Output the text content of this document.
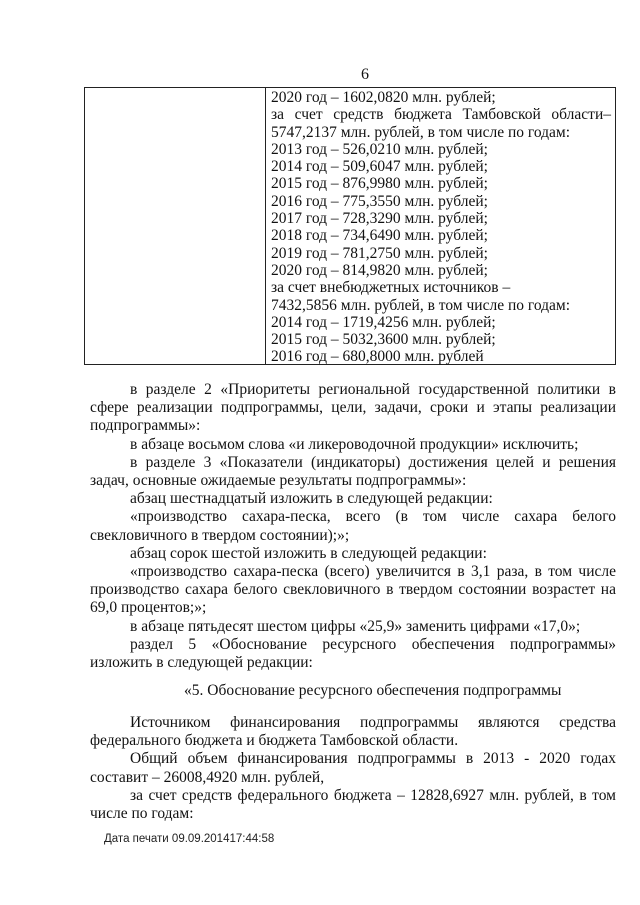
6
2020 год – 1602,0820 млн. рублей;
за счет средств бюджета Тамбовской области–
5747,2137 млн. рублей, в том числе по годам:
2013 год – 526,0210 млн. рублей;
2014 год – 509,6047 млн. рублей;
2015 год – 876,9980 млн. рублей;
2016 год – 775,3550 млн. рублей;
2017 год – 728,3290 млн. рублей;
2018 год – 734,6490 млн. рублей;
2019 год – 781,2750 млн. рублей;
2020 год – 814,9820 млн. рублей;
за счет внебюджетных источников –
7432,5856 млн. рублей, в том числе по годам:
2014 год – 1719,4256 млн. рублей;
2015 год – 5032,3600 млн. рублей;
2016 год – 680,8000 млн. рублей

в разделе 2 «Приоритеты региональной государственной политики в сфере реализации подпрограммы, цели, задачи, сроки и этапы реализации подпрограммы»:

в абзаце восьмом слова «и ликероводочной продукции» исключить;

в разделе 3 «Показатели (индикаторы) достижения целей и решения задач, основные ожидаемые результаты подпрограммы»:

абзац шестнадцатый изложить в следующей редакции:

«производство сахара-песка, всего (в том числе сахара белого свекловичного в твердом состоянии);»;

абзац сорок шестой изложить в следующей редакции:

«производство сахара-песка (всего) увеличится в 3,1 раза, в том числе производство сахара белого свекловичного в твердом состоянии возрастет на 69,0 процентов;»;

в абзаце пятьдесят шестом цифры «25,9» заменить цифрами «17,0»;

раздел 5 «Обоснование ресурсного обеспечения подпрограммы» изложить в следующей редакции:

«5. Обоснование ресурсного обеспечения подпрограммы

Источником финансирования подпрограммы являются средства федерального бюджета и бюджета Тамбовской области.

Общий объем финансирования подпрограммы в 2013 - 2020 годах составит – 26008,4920 млн. рублей,

за счет средств федерального бюджета – 12828,6927 млн. рублей, в том числе по годам:

Дата печати 09.09.201417:44:58
